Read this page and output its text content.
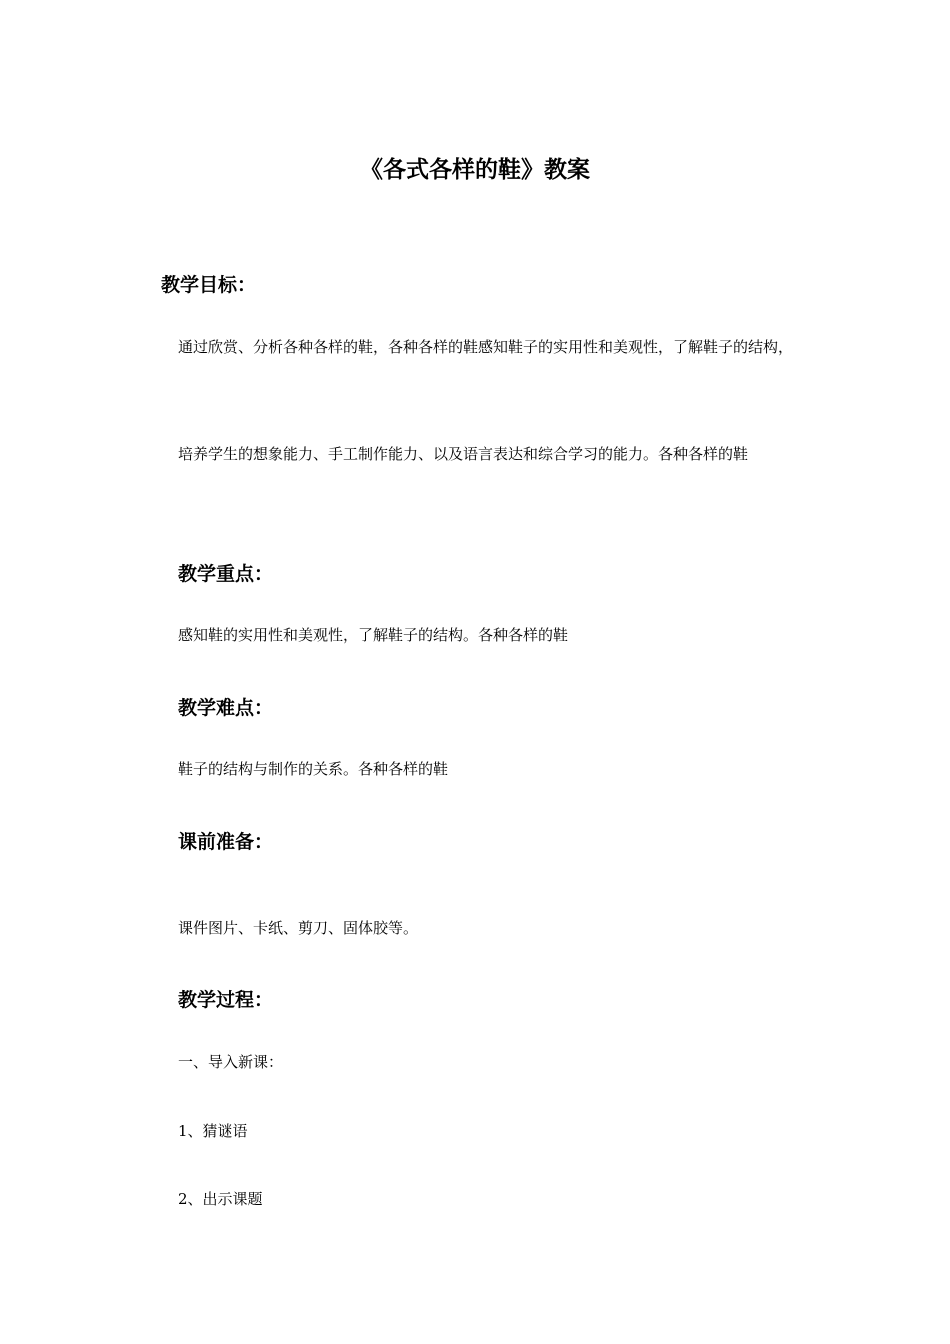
《各式各样的鞋》教案
教学目标：
通过欣赏、分析各种各样的鞋，各种各样的鞋感知鞋子的实用性和美观性，了解鞋子的结构，
培养学生的想象能力、手工制作能力、以及语言表达和综合学习的能力。各种各样的鞋
教学重点：
感知鞋的实用性和美观性，了解鞋子的结构。各种各样的鞋
教学难点：
鞋子的结构与制作的关系。各种各样的鞋
课前准备：
课件图片、卡纸、剪刀、固体胶等。
教学过程：
一、导入新课：
1、猜谜语
2、出示课题
